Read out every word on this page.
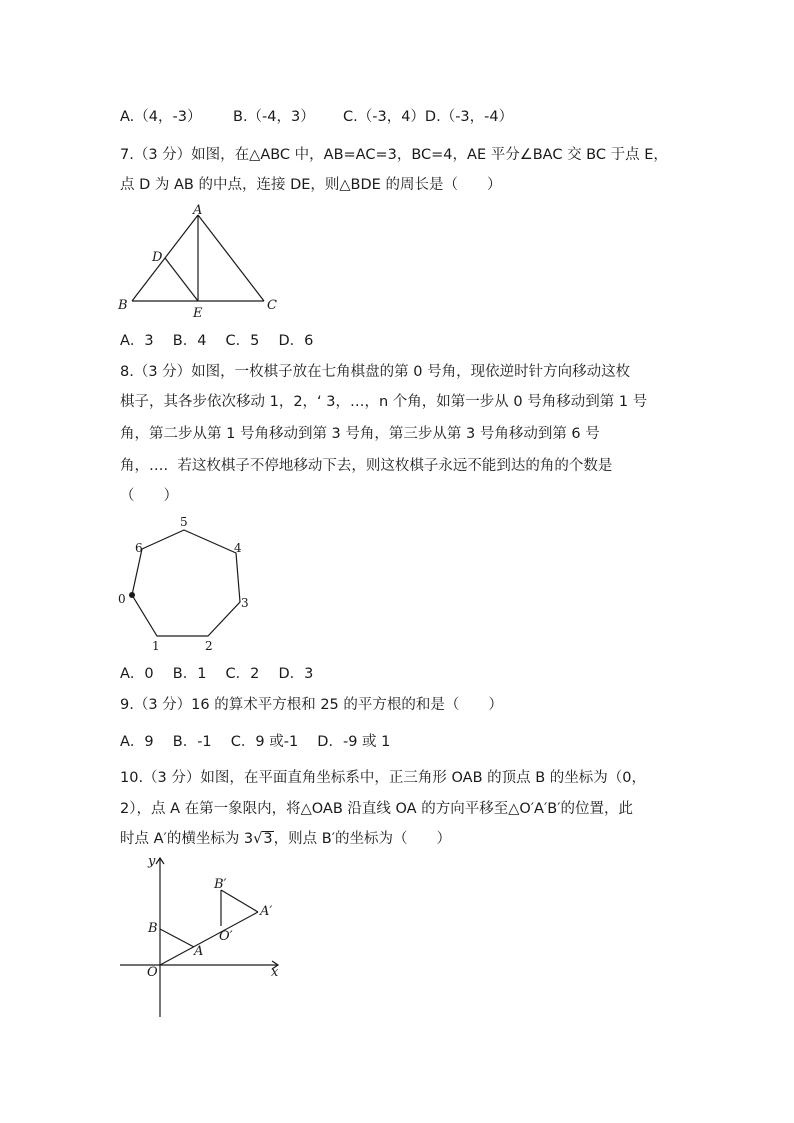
A.（4，-3） B.（-4，3） C.（-3，4）D.（-3，-4）
7.（3 分）如图，在△ABC 中，AB=AC=3，BC=4，AE 平分∠BAC 交 BC 于点 E，
点 D 为 AB 的中点，连接 DE，则△BDE 的周长是（　　）
A
D
B	C
E
A．3　 B．4　 C．5　 D．6
8.（3 分）如图，一枚棋子放在七角棋盘的第 0 号角，现依逆时针方向移动这枚
棋子，其各步依次移动 1，2，‘ 3，…，n 个角，如第一步从 0 号角移动到第 1 号
角，第二步从第 1 号角移动到第 3 号角，第三步从第 3 号角移动到第 6 号
角，….  若这枚棋子不停地移动下去，则这枚棋子永远不能到达的角的个数是
（　　）
0
1	2
3
4
5
6
A．0　 B．1　 C．2　 D．3
9.（3 分）16 的算术平方根和 25 的平方根的和是（　　）
A．9　 B．-1　 C．9 或-1　 D．-9 或 1
10.（3 分）如图，在平面直角坐标系中，正三角形 OAB 的顶点 B 的坐标为（0，
2），点 A 在第一象限内，将△OAB 沿直线 OA 的方向平移至△O′A′B′的位置，此
时点 A′的横坐标为 3√3，则点 B′的坐标为（　　）
y
x
O
A
B
O′
A′
B′
